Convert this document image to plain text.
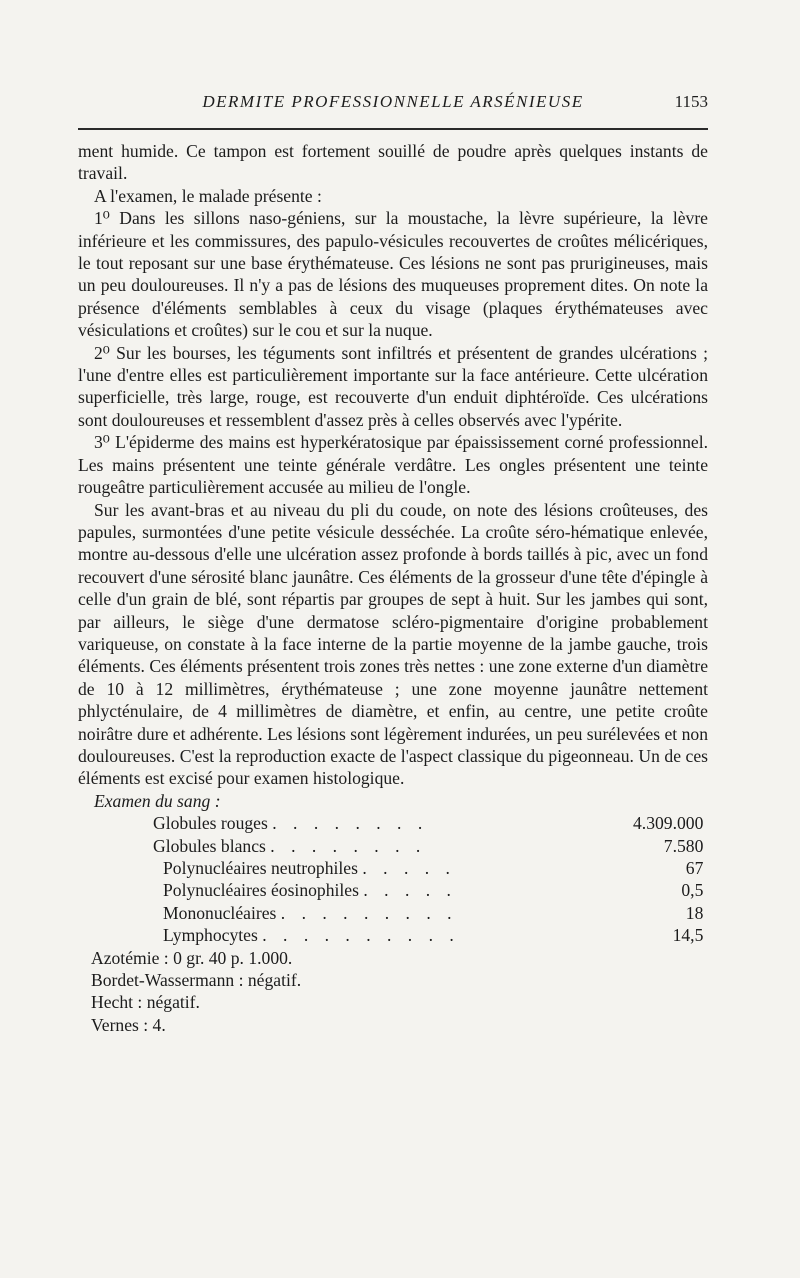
DERMITE PROFESSIONNELLE ARSÉNIEUSE	1153

ment humide. Ce tampon est fortement souillé de poudre après quelques instants de travail.

A l'examen, le malade présente :

1⁰ Dans les sillons naso-géniens, sur la moustache, la lèvre supérieure, la lèvre inférieure et les commissures, des papulo-vésicules recouvertes de croûtes mélicériques, le tout reposant sur une base érythémateuse. Ces lésions ne sont pas prurigineuses, mais un peu douloureuses. Il n'y a pas de lésions des muqueuses proprement dites. On note la présence d'éléments semblables à ceux du visage (plaques érythémateuses avec vésiculations et croûtes) sur le cou et sur la nuque.

2⁰ Sur les bourses, les téguments sont infiltrés et présentent de grandes ulcérations ; l'une d'entre elles est particulièrement importante sur la face antérieure. Cette ulcération superficielle, très large, rouge, est recouverte d'un enduit diphtéroïde. Ces ulcérations sont douloureuses et ressemblent d'assez près à celles observés avec l'ypérite.

3⁰ L'épiderme des mains est hyperkératosique par épaississement corné professionnel. Les mains présentent une teinte générale verdâtre. Les ongles présentent une teinte rougeâtre particulièrement accusée au milieu de l'ongle.

Sur les avant-bras et au niveau du pli du coude, on note des lésions croûteuses, des papules, surmontées d'une petite vésicule desséchée. La croûte séro-hématique enlevée, montre au-dessous d'elle une ulcération assez profonde à bords taillés à pic, avec un fond recouvert d'une sérosité blanc jaunâtre. Ces éléments de la grosseur d'une tête d'épingle à celle d'un grain de blé, sont répartis par groupes de sept à huit. Sur les jambes qui sont, par ailleurs, le siège d'une dermatose scléro-pigmentaire d'origine probablement variqueuse, on constate à la face interne de la partie moyenne de la jambe gauche, trois éléments. Ces éléments présentent trois zones très nettes : une zone externe d'un diamètre de 10 à 12 millimètres, érythémateuse ; une zone moyenne jaunâtre nettement phlycténulaire, de 4 millimètres de diamètre, et enfin, au centre, une petite croûte noirâtre dure et adhérente. Les lésions sont légèrement indurées, un peu surélevées et non douloureuses. C'est la reproduction exacte de l'aspect classique du pigeonneau. Un de ces éléments est excisé pour examen histologique.

Examen du sang :
Globules rouges . . . . . . . .	4.309.000
Globules blancs . . . . . . . .	7.580
Polynucléaires neutrophiles . . . . .	67
Polynucléaires éosinophiles . . . . .	0,5
Mononucléaires . . . . . . . . .	18
Lymphocytes . . . . . . . . . .	14,5
Azotémie : 0 gr. 40 p. 1.000.
Bordet-Wassermann : négatif.
Hecht : négatif.
Vernes : 4.
